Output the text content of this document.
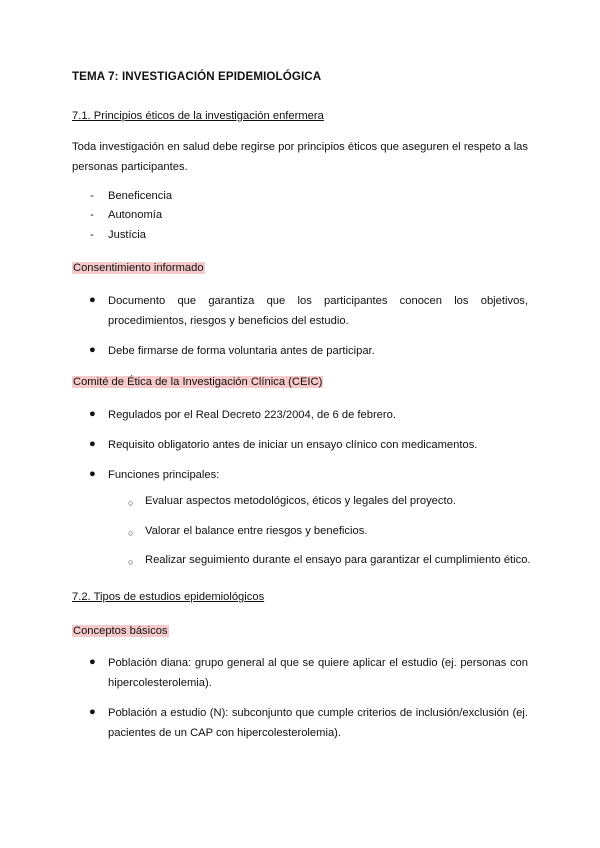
TEMA 7: INVESTIGACIÓN EPIDEMIOLÓGICA
7.1. Principios éticos de la investigación enfermera
Toda investigación en salud debe regirse por principios éticos que aseguren el respeto a las personas participantes.
- Beneficencia
- Autonomía
- Justícia
Consentimiento informado
● Documento que garantiza que los participantes conocen los objetivos, procedimientos, riesgos y beneficios del estudio.
● Debe firmarse de forma voluntaria antes de participar.
Comité de Ética de la Investigación Clínica (CEIC)
● Regulados por el Real Decreto 223/2004, de 6 de febrero.
● Requisito obligatorio antes de iniciar un ensayo clínico con medicamentos.
● Funciones principales:
○ Evaluar aspectos metodológicos, éticos y legales del proyecto.
○ Valorar el balance entre riesgos y beneficios.
○ Realizar seguimiento durante el ensayo para garantizar el cumplimiento ético.
7.2. Tipos de estudios epidemiológicos
Conceptos básicos
● Población diana: grupo general al que se quiere aplicar el estudio (ej. personas con hipercolesterolemia).
● Población a estudio (N): subconjunto que cumple criterios de inclusión/exclusión (ej. pacientes de un CAP con hipercolesterolemia).
